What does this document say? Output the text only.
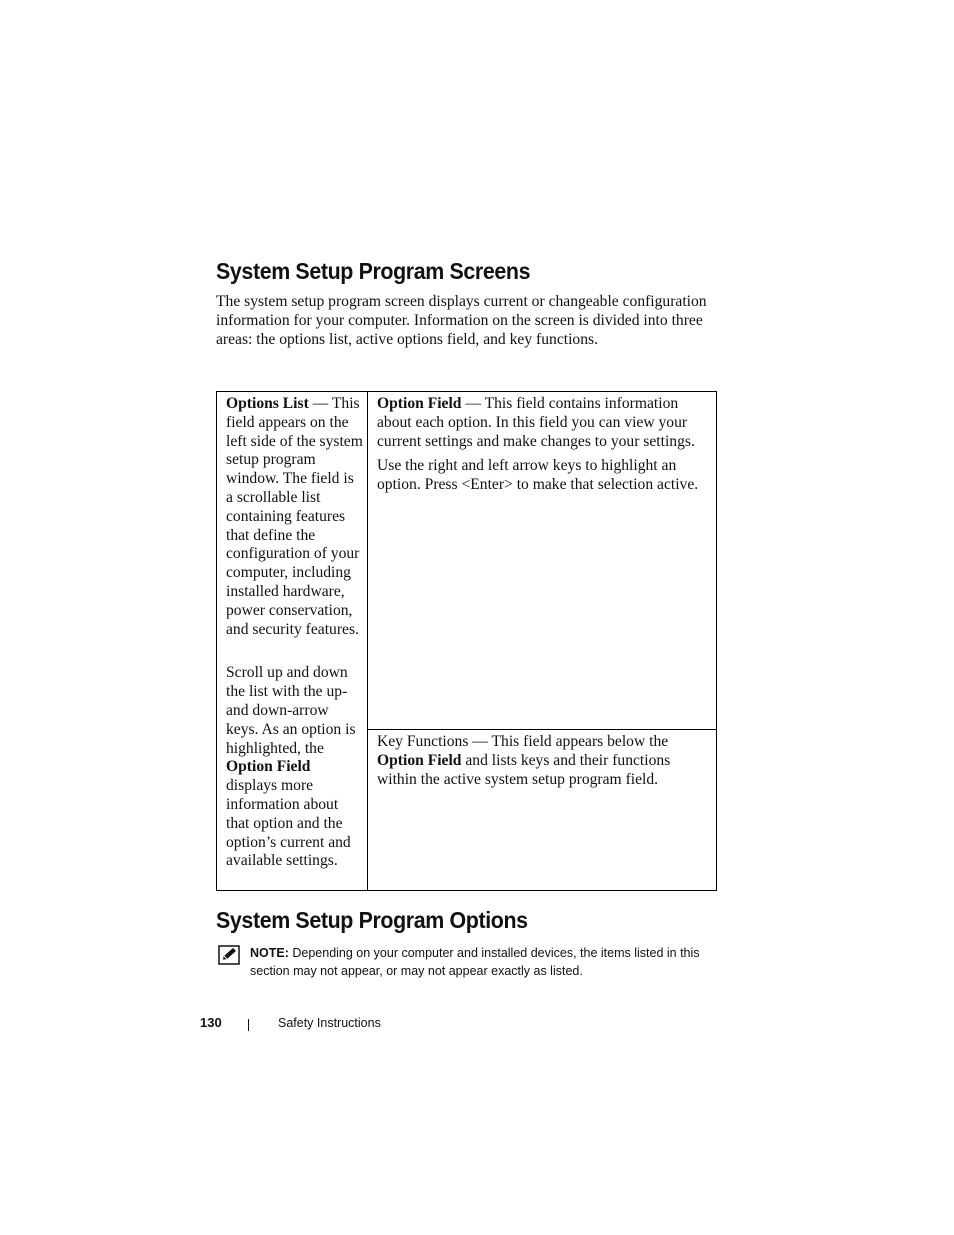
System Setup Program Screens

The system setup program screen displays current or changeable configuration information for your computer. Information on the screen is divided into three areas: the options list, active options field, and key functions.

Options List — This field appears on the left side of the system setup program window. The field is a scrollable list containing features that define the configuration of your computer, including installed hardware, power conservation, and security features.

Scroll up and down the list with the up- and down-arrow keys. As an option is highlighted, the Option Field displays more information about that option and the option’s current and available settings.

Option Field — This field contains information about each option. In this field you can view your current settings and make changes to your settings.

Use the right and left arrow keys to highlight an option. Press <Enter> to make that selection active.

Key Functions — This field appears below the Option Field and lists keys and their functions within the active system setup program field.

System Setup Program Options

NOTE: Depending on your computer and installed devices, the items listed in this section may not appear, or may not appear exactly as listed.

130	Safety Instructions
